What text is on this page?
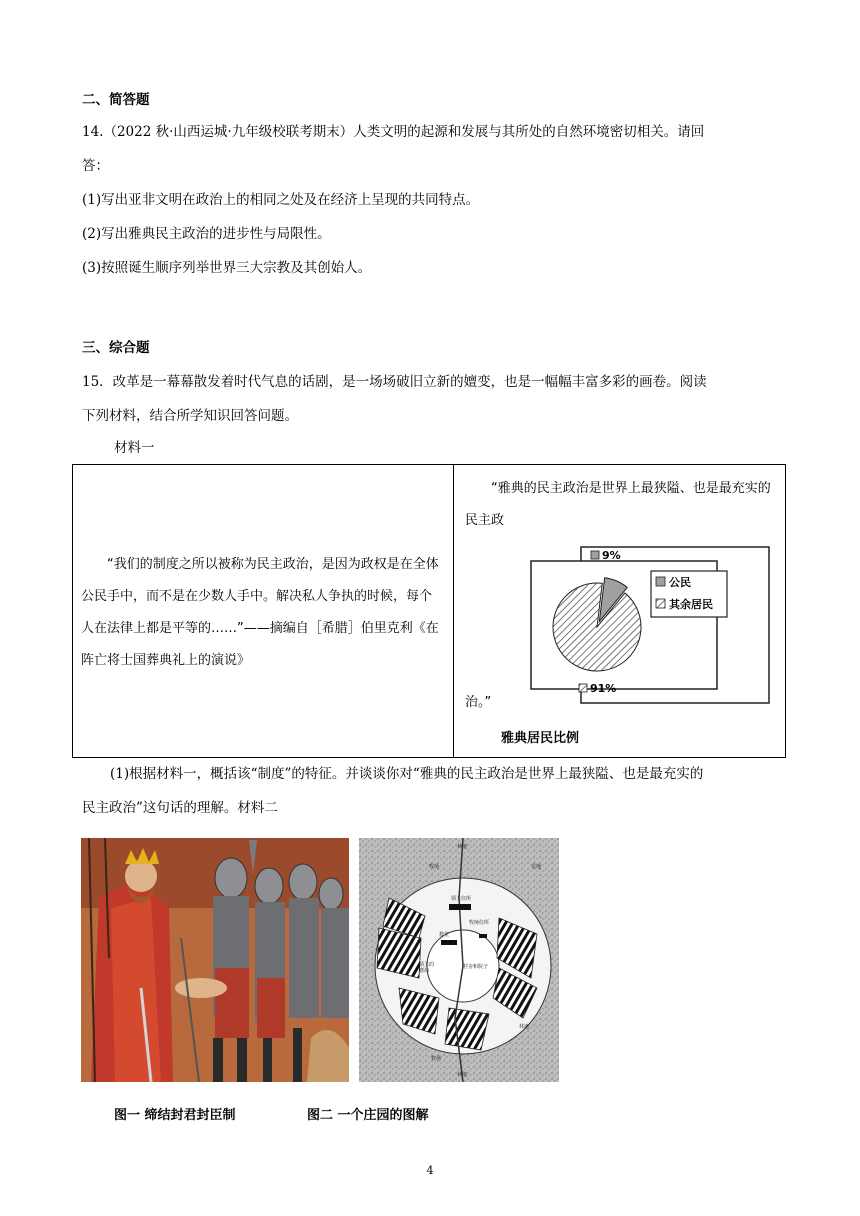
二、简答题
14.（2022 秋·山西运城·九年级校联考期末）人类文明的起源和发展与其所处的自然环境密切相关。请回
答：
(1)写出亚非文明在政治上的相同之处及在经济上呈现的共同特点。
(2)写出雅典民主政治的进步性与局限性。
(3)按照诞生顺序列举世界三大宗教及其创始人。
三、综合题
15．改革是一幕幕散发着时代气息的话剧，是一场场破旧立新的嬗变，也是一幅幅丰富多彩的画卷。阅读
下列材料，结合所学知识回答问题。
材料一
“我们的制度之所以被称为民主政治，是因为政权是在全体公民手中，而不是在少数人手中。解决私人争执的时候，每个人在法律上都是平等的……”——摘编自［希腊］伯里克利《在阵亡将士国葬典礼上的演说》
“雅典的民主政治是世界上最狭隘、也是最充实的民主政
9%
91%
公民
其余居民
治。”
雅典居民比例
(1)根据材料一，概括该“制度”的特征。并谈谈你对“雅典的民主政治是世界上最狭隘、也是最充实的
民主政治”这句话的理解。材料二
林地
牧场
领主住所
牧师住所
教堂
领主的
磨坊
村舍和院子
荒地
林地
牧场
林地
图一 缔结封君封臣制	图二 一个庄园的图解
4
